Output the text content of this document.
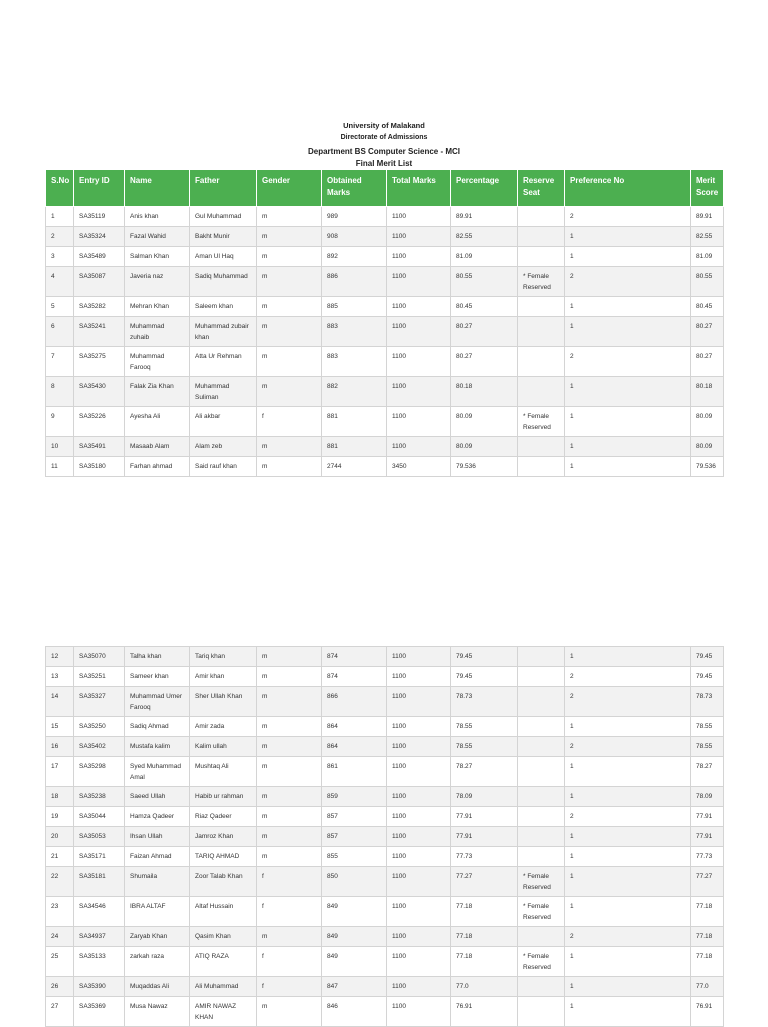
University of Malakand
Directorate of Admissions
Department BS Computer Science - MCI
Final Merit List
S.No	Entry ID	Name	Father	Gender	Obtained Marks	Total Marks	Percentage	Reserve Seat	Preference No	Merit Score
1	SA35119	Anis khan	Gul Muhammad	m	989	1100	89.91		2	89.91
2	SA35324	Fazal Wahid	Bakht Munir	m	908	1100	82.55		1	82.55
3	SA35489	Salman Khan	Aman Ul Haq	m	892	1100	81.09		1	81.09
4	SA35087	Javeria naz	Sadiq Muhammad	m	886	1100	80.55	* Female Reserved	2	80.55
5	SA35282	Mehran Khan	Saleem khan	m	885	1100	80.45		1	80.45
6	SA35241	Muhammad zuhaib	Muhammad zubair khan	m	883	1100	80.27		1	80.27
7	SA35275	Muhammad Farooq	Atta Ur Rehman	m	883	1100	80.27		2	80.27
8	SA35430	Falak Zia Khan	Muhammad Suliman	m	882	1100	80.18		1	80.18
9	SA35226	Ayesha Ali	Ali akbar	f	881	1100	80.09	* Female Reserved	1	80.09
10	SA35491	Masaab Alam	Alam zeb	m	881	1100	80.09		1	80.09
11	SA35180	Farhan ahmad	Said rauf khan	m	2744	3450	79.536		1	79.536
12	SA35070	Talha khan	Tariq khan	m	874	1100	79.45		1	79.45
13	SA35251	Sameer khan	Amir khan	m	874	1100	79.45		2	79.45
14	SA35327	Muhammad Umer Farooq	Sher Ullah Khan	m	866	1100	78.73		2	78.73
15	SA35250	Sadiq Ahmad	Amir zada	m	864	1100	78.55		1	78.55
16	SA35402	Mustafa kalim	Kalim ullah	m	864	1100	78.55		2	78.55
17	SA35298	Syed Muhammad Amal	Mushtaq Ali	m	861	1100	78.27		1	78.27
18	SA35238	Saeed Ullah	Habib ur rahman	m	859	1100	78.09		1	78.09
19	SA35044	Hamza Qadeer	Riaz Qadeer	m	857	1100	77.91		2	77.91
20	SA35053	Ihsan Ullah	Jamroz Khan	m	857	1100	77.91		1	77.91
21	SA35171	Faizan Ahmad	TARIQ AHMAD	m	855	1100	77.73		1	77.73
22	SA35181	Shumaila	Zoor Talab Khan	f	850	1100	77.27	* Female Reserved	1	77.27
23	SA34546	IBRA ALTAF	Altaf Hussain	f	849	1100	77.18	* Female Reserved	1	77.18
24	SA34937	Zaryab Khan	Qasim Khan	m	849	1100	77.18		2	77.18
25	SA35133	zarkah raza	ATIQ RAZA	f	849	1100	77.18	* Female Reserved	1	77.18
26	SA35390	Muqaddas Ali	Ali Muhammad	f	847	1100	77.0		1	77.0
27	SA35369	Musa Nawaz	AMIR NAWAZ KHAN	m	846	1100	76.91		1	76.91
